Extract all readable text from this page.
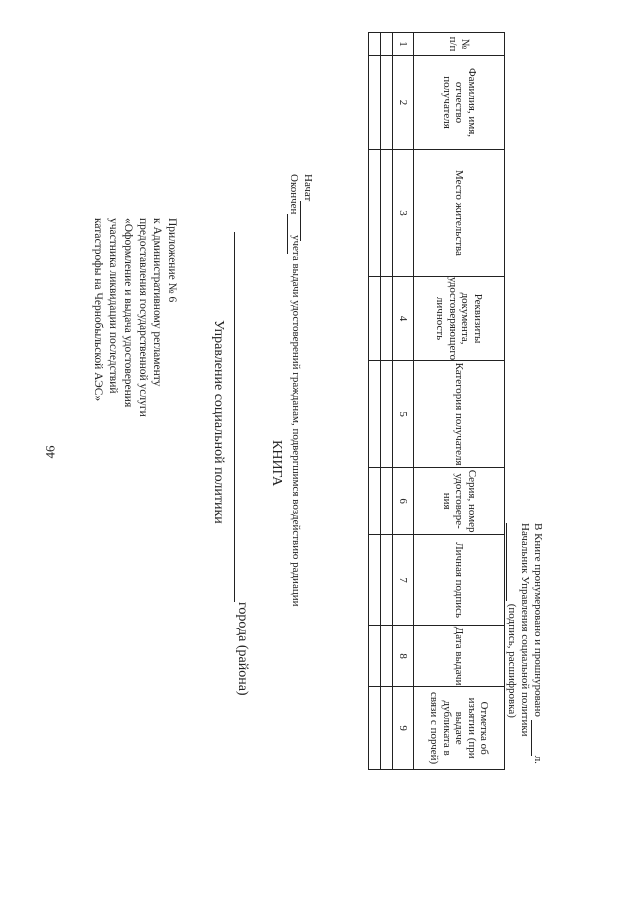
46
Приложение № 6
к Административному регламенту
предоставления государственной услуги
«Оформление и выдача удостоверения
участника ликвидации последствий
катастрофы на Чернобыльской АЭС»
Управление социальной политики
города (района)
КНИГА учета выдачи удостоверений гражданам, подвергшимся воздействию радиации
Начат
Окончен
№ п/п	Фамилия, имя, отчество получателя	Место жительства	Реквизиты документа, удостоверяющего личность	Категория получателя	Серия, номер удостовере-ния	Личная подпись	Дата выдачи	Отметка об изъятии (при выдаче дубликата в связи с порчей)
1	2	3	4	5	6	7	8	9

В Книге пронумеровано и прошнуровано л.
Начальник Управления социальной политики
(подпись, расшифровка)
